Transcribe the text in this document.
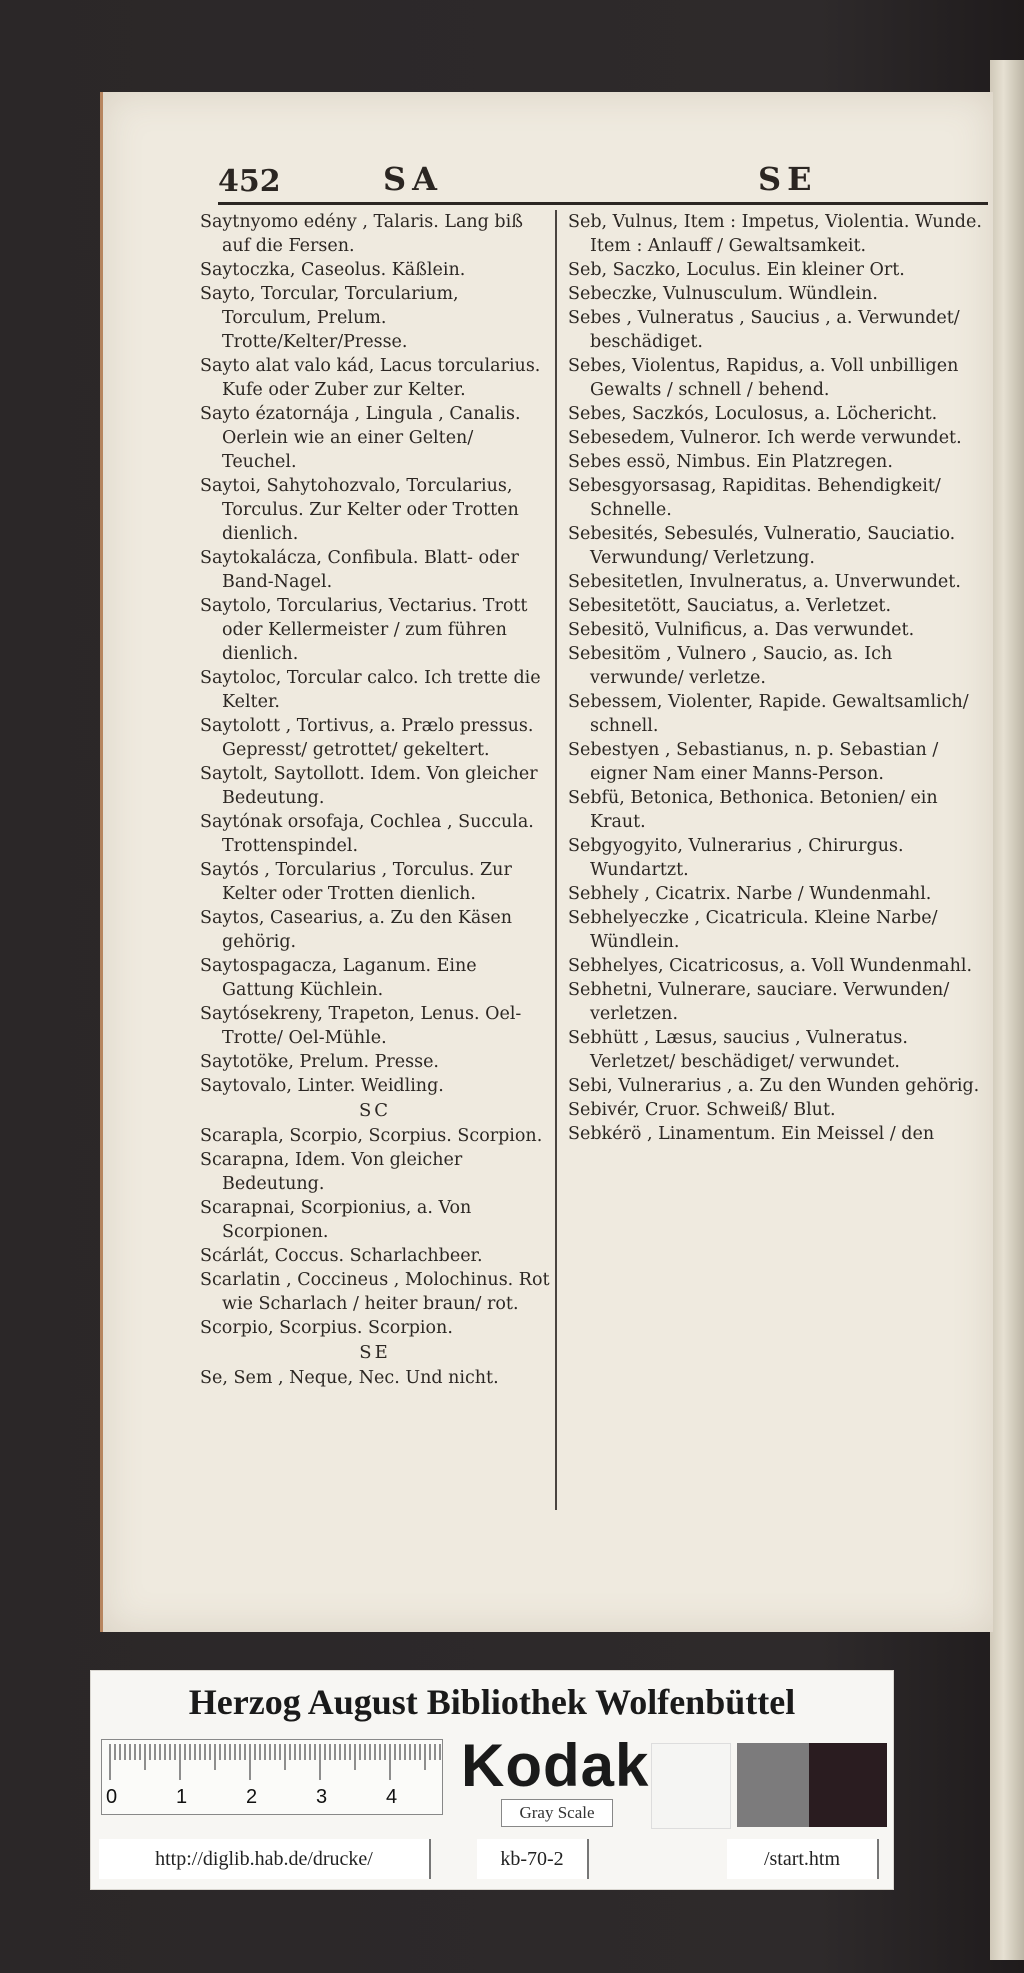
452	SA	SE
Saytnyomo edény , Talaris. Lang biß auf die Fersen.
Saytoczka, Caseolus. Käßlein.
Sayto, Torcular, Torcularium, Torculum, Prelum. Trotte/Kelter/Presse.
Sayto alat valo kád, Lacus torcularius. Kufe oder Zuber zur Kelter.
Sayto ézatornája , Lingula , Canalis. Oerlein wie an einer Gelten/ Teuchel.
Saytoi, Sahytohozvalo, Torcularius, Torculus. Zur Kelter oder Trotten dienlich.
Saytokalácza, Confibula. Blatt- oder Band-Nagel.
Saytolo, Torcularius, Vectarius. Trott oder Kellermeister / zum führen dienlich.
Saytoloc, Torcular calco. Ich trette die Kelter.
Saytolott , Tortivus, a. Prælo pressus. Gepresst/ getrottet/ gekeltert.
Saytolt, Saytollott. Idem. Von gleicher Bedeutung.
Saytónak orsofaja, Cochlea , Succula. Trottenspindel.
Saytós , Torcularius , Torculus. Zur Kelter oder Trotten dienlich.
Saytos, Casearius, a. Zu den Käsen gehörig.
Saytospagacza, Laganum. Eine Gattung Küchlein.
Saytósekreny, Trapeton, Lenus. Oel-Trotte/ Oel-Mühle.
Saytotöke, Prelum. Presse.
Saytovalo, Linter. Weidling.
SC
Scarapla, Scorpio, Scorpius. Scorpion.
Scarapna, Idem. Von gleicher Bedeutung.
Scarapnai, Scorpionius, a. Von Scorpionen.
Scárlát, Coccus. Scharlachbeer.
Scarlatin , Coccineus , Molochinus. Rot wie Scharlach / heiter braun/ rot.
Scorpio, Scorpius. Scorpion.
SE
Se, Sem , Neque, Nec. Und nicht.
Seb, Vulnus, Item : Impetus, Violentia. Wunde. Item : Anlauff / Gewaltsamkeit.
Seb, Saczko, Loculus. Ein kleiner Ort.
Sebeczke, Vulnusculum. Wündlein.
Sebes , Vulneratus , Saucius , a. Verwundet/ beschädiget.
Sebes, Violentus, Rapidus, a. Voll unbilligen Gewalts / schnell / behend.
Sebes, Saczkós, Loculosus, a. Löchericht.
Sebesedem, Vulneror. Ich werde verwundet.
Sebes essö, Nimbus. Ein Platzregen.
Sebesgyorsasag, Rapiditas. Behendigkeit/ Schnelle.
Sebesités, Sebesulés, Vulneratio, Sauciatio. Verwundung/ Verletzung.
Sebesitetlen, Invulneratus, a. Unverwundet.
Sebesitetött, Sauciatus, a. Verletzet.
Sebesitö, Vulnificus, a. Das verwundet.
Sebesitöm , Vulnero , Saucio, as. Ich verwunde/ verletze.
Sebessem, Violenter, Rapide. Gewaltsamlich/ schnell.
Sebestyen , Sebastianus, n. p. Sebastian / eigner Nam einer Manns-Person.
Sebfü, Betonica, Bethonica. Betonien/ ein Kraut.
Sebgyogyito, Vulnerarius , Chirurgus. Wundartzt.
Sebhely , Cicatrix. Narbe / Wundenmahl.
Sebhelyeczke , Cicatricula. Kleine Narbe/ Wündlein.
Sebhelyes, Cicatricosus, a. Voll Wundenmahl.
Sebhetni, Vulnerare, sauciare. Verwunden/ verletzen.
Sebhütt , Læsus, saucius , Vulneratus. Verletzet/ beschädiget/ verwundet.
Sebi, Vulnerarius , a. Zu den Wunden gehörig.
Sebivér, Cruor. Schweiß/ Blut.
Sebkérö , Linamentum. Ein Meissel / den
Herzog August Bibliothek Wolfenbüttel
0	1	2	3	4 Kodak
Gray Scale
http://diglib.hab.de/drucke/	kb-70-2	/start.htm
